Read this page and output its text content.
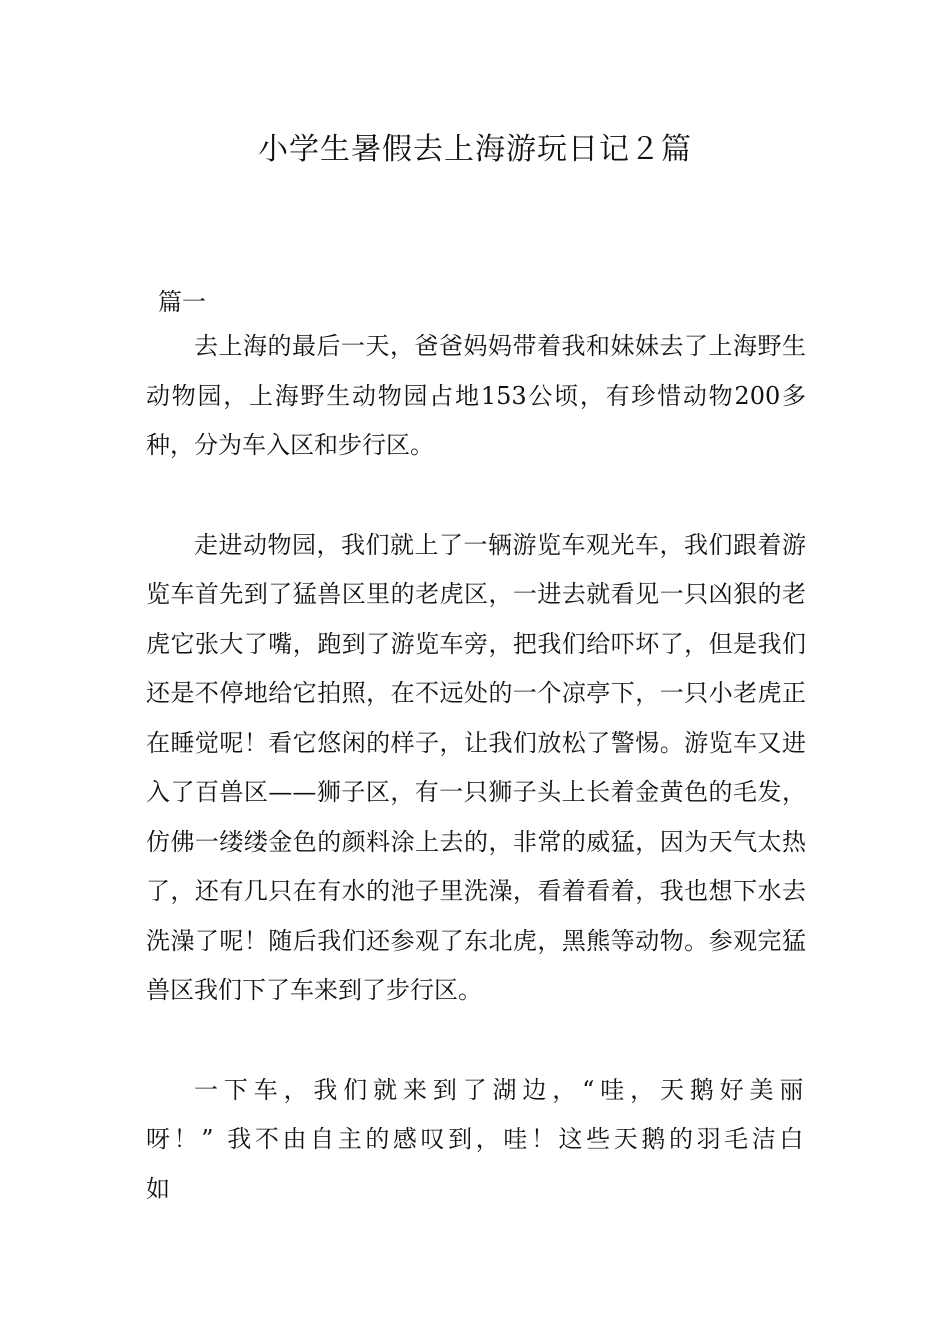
小学生暑假去上海游玩日记２篇

篇一

去上海的最后一天，爸爸妈妈带着我和妹妹去了上海野生动物园，上海野生动物园占地153公顷，有珍惜动物200多种，分为车入区和步行区。

走进动物园，我们就上了一辆游览车观光车，我们跟着游览车首先到了猛兽区里的老虎区，一进去就看见一只凶狠的老虎它张大了嘴，跑到了游览车旁，把我们给吓坏了，但是我们还是不停地给它拍照，在不远处的一个凉亭下，一只小老虎正在睡觉呢！看它悠闲的样子，让我们放松了警惕。游览车又进入了百兽区——狮子区，有一只狮子头上长着金黄色的毛发，仿佛一缕缕金色的颜料涂上去的，非常的威猛，因为天气太热了，还有几只在有水的池子里洗澡，看着看着，我也想下水去洗澡了呢！随后我们还参观了东北虎，黑熊等动物。参观完猛兽区我们下了车来到了步行区。

一下车，我们就来到了湖边，“哇，天鹅好美丽呀！” 我不由自主的感叹到，哇！这些天鹅的羽毛洁白如
